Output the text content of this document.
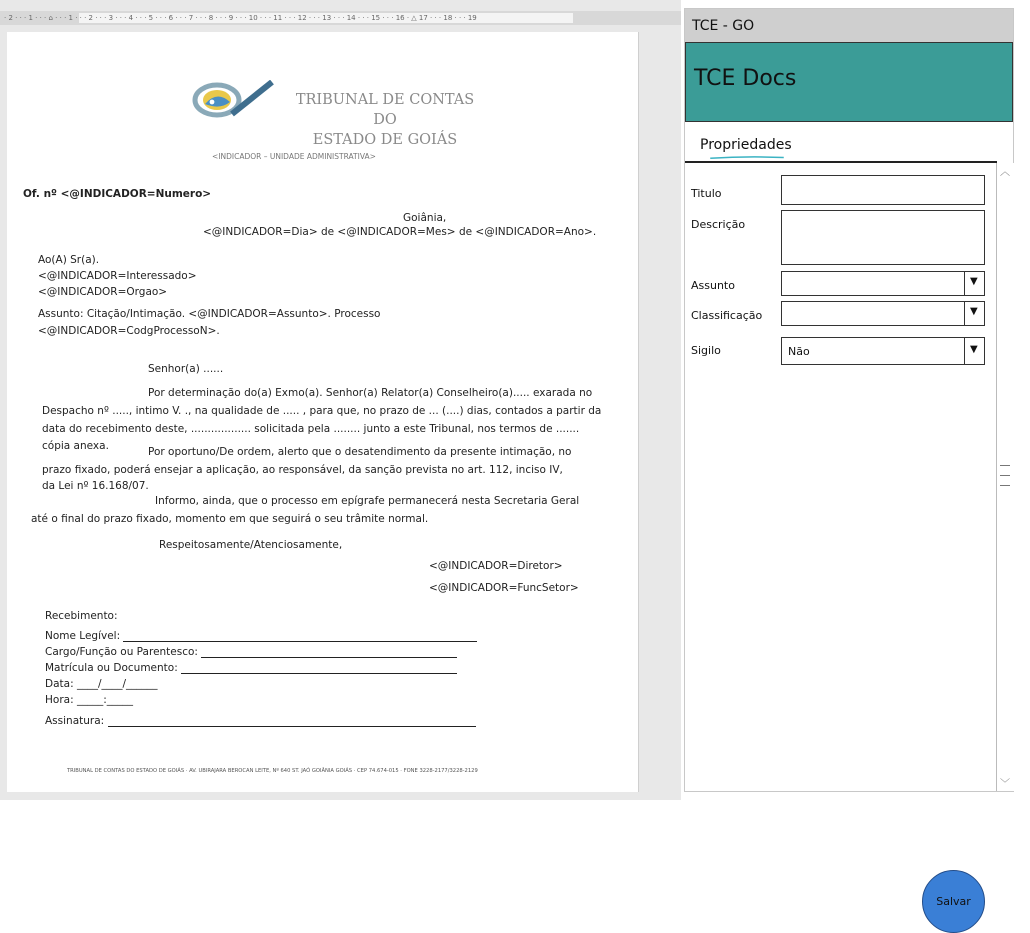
· 2 · · · 1 · · · ⌂ · · · 1 · · · 2 · · · 3 · · · 4 · · · 5 · · · 6 · · · 7 · · · 8 · · · 9 · · · 10 · · · 11 · · · 12 · · · 13 · · · 14 · · · 15 · · · 16 · △ 17 · · · 18 · · · 19
TRIBUNAL DE CONTAS DO
ESTADO DE GOIÁS
<INDICADOR – UNIDADE ADMINISTRATIVA>
Of. nº <@INDICADOR=Numero>
Goiânia,
<@INDICADOR=Dia> de <@INDICADOR=Mes> de <@INDICADOR=Ano>.
Ao(A) Sr(a).
<@INDICADOR=Interessado>
<@INDICADOR=Orgao>
Assunto: Citação/Intimação. <@INDICADOR=Assunto>. Processo
<@INDICADOR=CodgProcessoN>.
Senhor(a) ......
Por determinação do(a) Exmo(a). Senhor(a) Relator(a) Conselheiro(a)..... exarada no
Despacho nº ....., intimo V. ., na qualidade de ..... , para que, no prazo de ... (....) dias, contados a partir da
data do recebimento deste, .................. solicitada pela ........ junto a este Tribunal, nos termos de .......
cópia anexa.	Por oportuno/De ordem, alerto que o desatendimento da presente intimação, no
prazo fixado, poderá ensejar a aplicação, ao responsável, da sanção prevista no art. 112, inciso IV,
da Lei nº 16.168/07.
Informo, ainda, que o processo em epígrafe permanecerá nesta Secretaria Geral
até o final do prazo fixado, momento em que seguirá o seu trâmite normal.
Respeitosamente/Atenciosamente,
<@INDICADOR=Diretor>
<@INDICADOR=FuncSetor>
Recebimento:
Nome Legível:
Cargo/Função ou Parentesco:
Matrícula ou Documento:
Data: ____/____/______
Hora: _____:_____
Assinatura:
TRIBUNAL DE CONTAS DO ESTADO DE GOIÁS · AV. UBIRAJARA BEROCAN LEITE, Nº 640 ST. JAÓ GOIÂNIA GOIÁS · CEP 74.674-015 · FONE 3228-2177/3228-2129
TCE - GO
TCE Docs
Propriedades
Titulo
Descrição
Assunto	▼
Classificação	▼
Sigilo	Não	▼
Salvar
︿
﹀
